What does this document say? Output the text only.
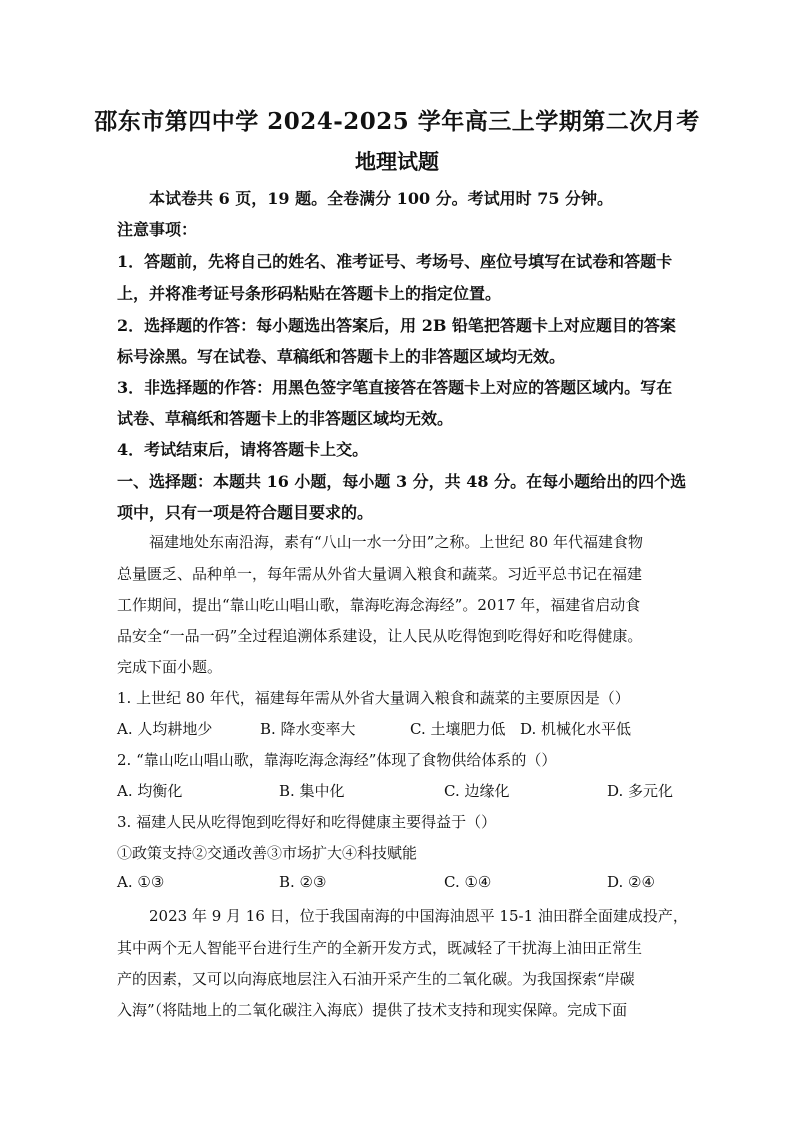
邵东市第四中学 2024-2025 学年高三上学期第二次月考
地理试题
本试卷共 6 页，19 题。全卷满分 100 分。考试用时 75 分钟。
注意事项：
1．答题前，先将自己的姓名、准考证号、考场号、座位号填写在试卷和答题卡
上，并将准考证号条形码粘贴在答题卡上的指定位置。
2．选择题的作答：每小题选出答案后，用 2B 铅笔把答题卡上对应题目的答案
标号涂黑。写在试卷、草稿纸和答题卡上的非答题区域均无效。
3．非选择题的作答：用黑色签字笔直接答在答题卡上对应的答题区域内。写在
试卷、草稿纸和答题卡上的非答题区域均无效。
4．考试结束后，请将答题卡上交。
一、选择题：本题共 16 小题，每小题 3 分，共 48 分。在每小题给出的四个选
项中，只有一项是符合题目要求的。
福建地处东南沿海，素有“八山一水一分田”之称。上世纪 80 年代福建食物
总量匮乏、品种单一，每年需从外省大量调入粮食和蔬菜。习近平总书记在福建
工作期间，提出“靠山吃山唱山歌，靠海吃海念海经”。2017 年，福建省启动食
品安全“一品一码”全过程追溯体系建设，让人民从吃得饱到吃得好和吃得健康。
完成下面小题。
1. 上世纪 80 年代，福建每年需从外省大量调入粮食和蔬菜的主要原因是（）
A. 人均耕地少	B. 降水变率大	C. 土壤肥力低 D. 机械化水平低
2. “靠山吃山唱山歌，靠海吃海念海经”体现了食物供给体系的（）
A. 均衡化	B. 集中化	C. 边缘化	D. 多元化
3. 福建人民从吃得饱到吃得好和吃得健康主要得益于（）
①政策支持②交通改善③市场扩大④科技赋能
A. ①③	B. ②③	C. ①④	D. ②④
2023 年 9 月 16 日，位于我国南海的中国海油恩平 15-1 油田群全面建成投产，
其中两个无人智能平台进行生产的全新开发方式，既减轻了干扰海上油田正常生
产的因素，又可以向海底地层注入石油开采产生的二氧化碳。为我国探索“岸碳
入海”（将陆地上的二氧化碳注入海底）提供了技术支持和现实保障。完成下面
